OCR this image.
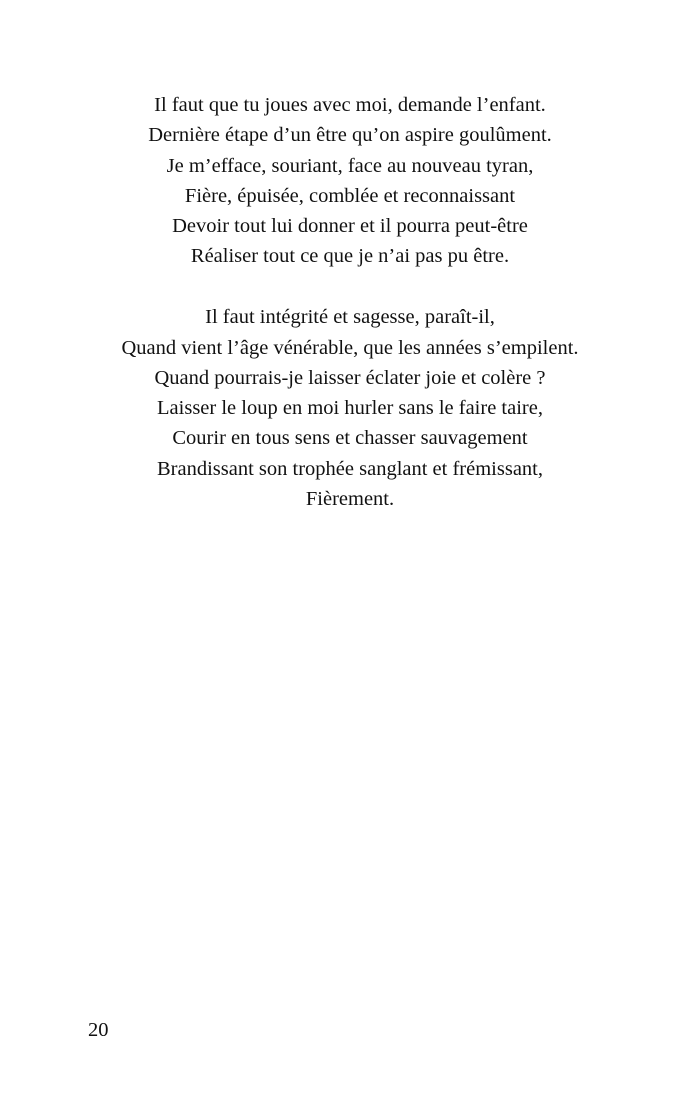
Il faut que tu joues avec moi, demande l’enfant.
Dernière étape d’un être qu’on aspire goulûment.
Je m’efface, souriant, face au nouveau tyran,
Fière, épuisée, comblée et reconnaissant
Devoir tout lui donner et il pourra peut-être
Réaliser tout ce que je n’ai pas pu être.
Il faut intégrité et sagesse, paraît-il,
Quand vient l’âge vénérable, que les années s’empilent.
Quand pourrais-je laisser éclater joie et colère ?
Laisser le loup en moi hurler sans le faire taire,
Courir en tous sens et chasser sauvagement
Brandissant son trophée sanglant et frémissant,
Fièrement.
20
